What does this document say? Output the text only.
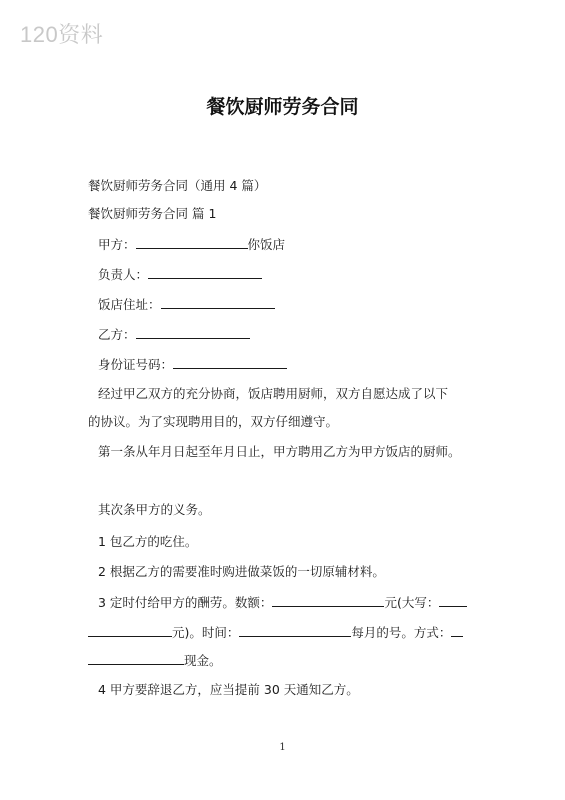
120资料
餐饮厨师劳务合同
餐饮厨师劳务合同（通用 4 篇）
餐饮厨师劳务合同 篇 1
甲方：	你饭店
负责人：
饭店住址：
乙方：
身份证号码：
经过甲乙双方的充分协商，饭店聘用厨师，双方自愿达成了以下
的协议。为了实现聘用目的，双方仔细遵守。
第一条从年月日起至年月日止，甲方聘用乙方为甲方饭店的厨师。
其次条甲方的义务。
1 包乙方的吃住。
2 根据乙方的需要准时购进做菜饭的一切原辅材料。
3 定时付给甲方的酬劳。数额：	元(大写：
元)。时间：	每月的号。方式：
现金。
4 甲方要辞退乙方，应当提前 30 天通知乙方。
1
